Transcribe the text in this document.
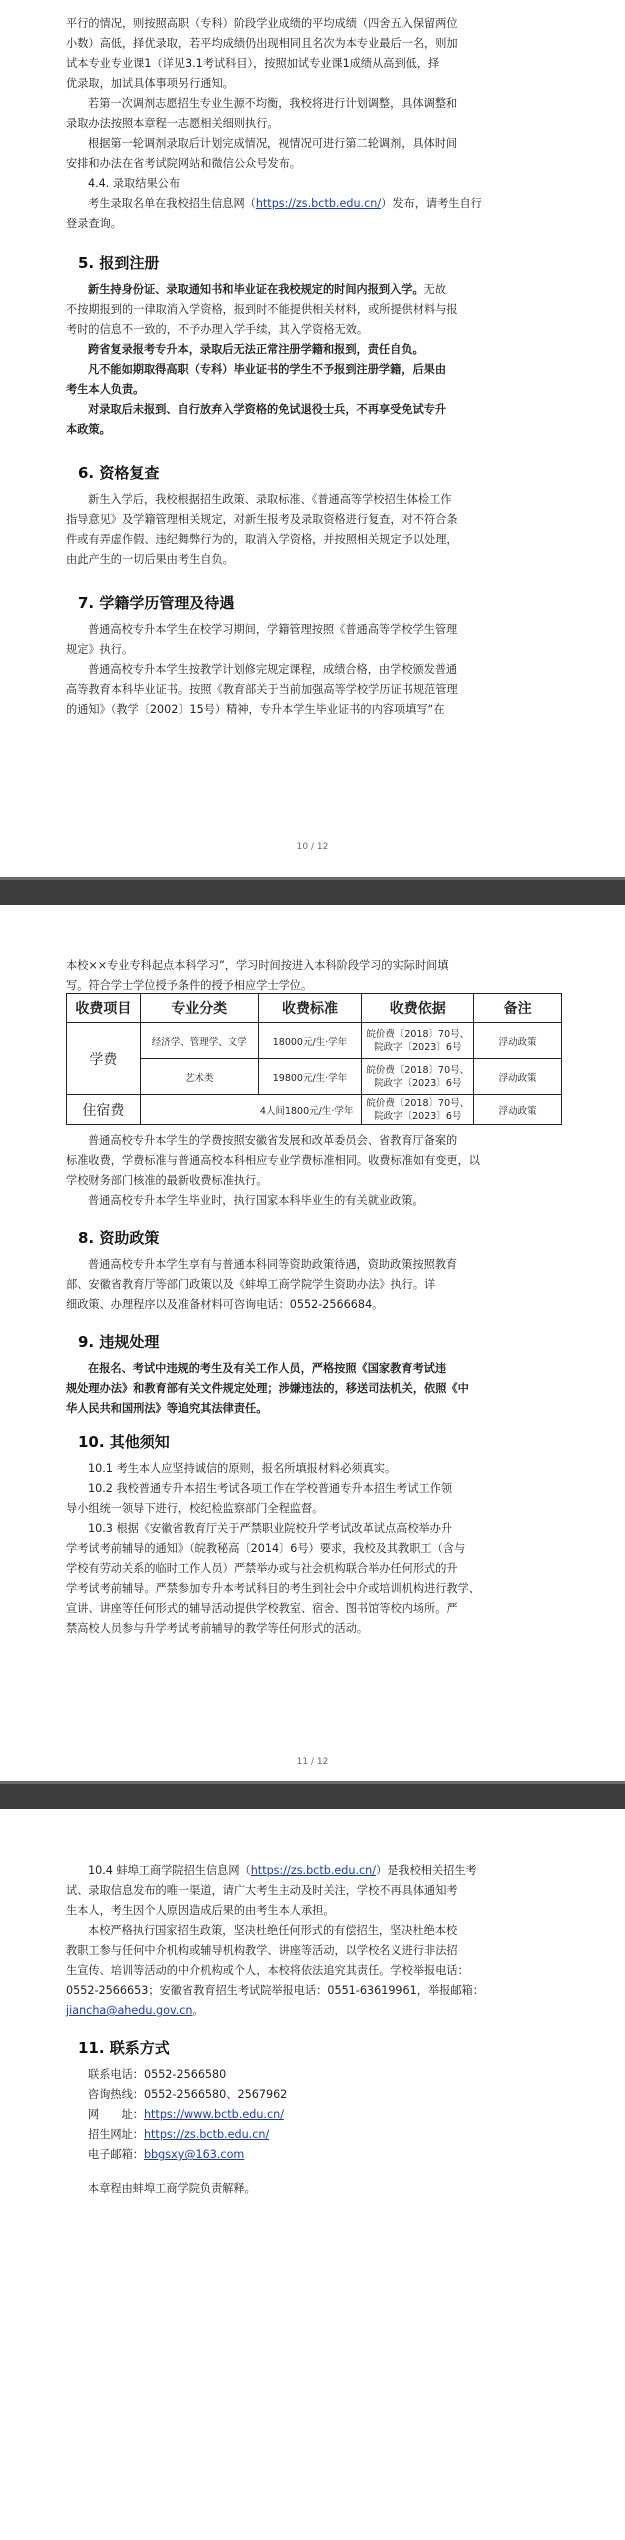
平行的情况，则按照高职（专科）阶段学业成绩的平均成绩（四舍五入保留两位
小数）高低，择优录取，若平均成绩仍出现相同且名次为本专业最后一名，则加
试本专业专业课1（详见3.1考试科目），按照加试专业课1成绩从高到低，择
优录取，加试具体事项另行通知。

若第一次调剂志愿招生专业生源不均衡，我校将进行计划调整，具体调整和
录取办法按照本章程一志愿相关细则执行。

根据第一轮调剂录取后计划完成情况，视情况可进行第二轮调剂，具体时间
安排和办法在省考试院网站和微信公众号发布。

4.4. 录取结果公布

考生录取名单在我校招生信息网（https://zs.bctb.edu.cn/）发布，请考生自行

登录查询。

5. 报到注册

新生持身份证、录取通知书和毕业证在我校规定的时间内报到入学。无故
不按期报到的一律取消入学资格，报到时不能提供相关材料，或所提供材料与报
考时的信息不一致的，不予办理入学手续，其入学资格无效。

跨省复录报考专升本，录取后无法正常注册学籍和报到，责任自负。

凡不能如期取得高职（专科）毕业证书的学生不予报到注册学籍，后果由
考生本人负责。

对录取后未报到、自行放弃入学资格的免试退役士兵，不再享受免试专升
本政策。

6. 资格复查

新生入学后，我校根据招生政策、录取标准、《普通高等学校招生体检工作
指导意见》及学籍管理相关规定，对新生报考及录取资格进行复查，对不符合条
件或有弄虚作假、违纪舞弊行为的，取消入学资格，并按照相关规定予以处理，
由此产生的一切后果由考生自负。

7. 学籍学历管理及待遇

普通高校专升本学生在校学习期间，学籍管理按照《普通高等学校学生管理
规定》执行。

普通高校专升本学生按教学计划修完规定课程，成绩合格，由学校颁发普通
高等教育本科毕业证书。按照《教育部关于当前加强高等学校学历证书规范管理
的通知》（教学〔2002〕15号）精神，专升本学生毕业证书的内容项填写“在

10 / 12

本校××专业专科起点本科学习”，学习时间按进入本科阶段学习的实际时间填

写。符合学士学位授予条件的授予相应学士学位。

收费项目	专业分类	收费标准	收费依据	备注
学费	经济学、管理学、文学	18000元/生·学年	皖价费〔2018〕70号、
院政字〔2023〕6号	浮动政策
	艺术类	19800元/生·学年	皖价费〔2018〕70号、
院政字〔2023〕6号	浮动政策
住宿费	4人间1800元/生·学年		皖价费〔2018〕70号、
院政字〔2023〕6号	浮动政策

普通高校专升本学生的学费按照安徽省发展和改革委员会、省教育厅备案的
标准收费，学费标准与普通高校本科相应专业学费标准相同。收费标准如有变更，以
学校财务部门核准的最新收费标准执行。

普通高校专升本学生毕业时，执行国家本科毕业生的有关就业政策。

8. 资助政策

普通高校专升本学生享有与普通本科同等资助政策待遇，资助政策按照教育
部、安徽省教育厅等部门政策以及《蚌埠工商学院学生资助办法》执行。详
细政策、办理程序以及准备材料可咨询电话：0552-2566684。

9. 违规处理

在报名、考试中违规的考生及有关工作人员，严格按照《国家教育考试违
规处理办法》和教育部有关文件规定处理；涉嫌违法的，移送司法机关，依照《中
华人民共和国刑法》等追究其法律责任。

10. 其他须知

10.1 考生本人应坚持诚信的原则，报名所填报材料必须真实。

10.2 我校普通专升本招生考试各项工作在学校普通专升本招生考试工作领
导小组统一领导下进行，校纪检监察部门全程监督。

10.3 根据《安徽省教育厅关于严禁职业院校升学考试改革试点高校举办升
学考试考前辅导的通知》（皖教秘高〔2014〕6号）要求，我校及其教职工（含与
学校有劳动关系的临时工作人员）严禁举办或与社会机构联合举办任何形式的升
学考试考前辅导。严禁参加专升本考试科目的考生到社会中介或培训机构进行教学、
宣讲、讲座等任何形式的辅导活动提供学校教室、宿舍、图书馆等校内场所。严
禁高校人员参与升学考试考前辅导的教学等任何形式的活动。

11 / 12

10.4 蚌埠工商学院招生信息网（https://zs.bctb.edu.cn/）是我校相关招生考
试、录取信息发布的唯一渠道，请广大考生主动及时关注，学校不再具体通知考
生本人，考生因个人原因造成后果的由考生本人承担。

本校严格执行国家招生政策，坚决杜绝任何形式的有偿招生，坚决杜绝本校
教职工参与任何中介机构或辅导机构教学、讲座等活动，以学校名义进行非法招
生宣传、培训等活动的中介机构或个人，本校将依法追究其责任。学校举报电话：
0552-2566653；安徽省教育招生考试院举报电话：0551-63619961，举报邮箱：
jiancha@ahedu.gov.cn。

11. 联系方式

联系电话：0552-2566580

咨询热线：0552-2566580、2567962

网　　址：https://www.bctb.edu.cn/

招生网址：https://zs.bctb.edu.cn/

电子邮箱：bbgsxy@163.com

本章程由蚌埠工商学院负责解释。
